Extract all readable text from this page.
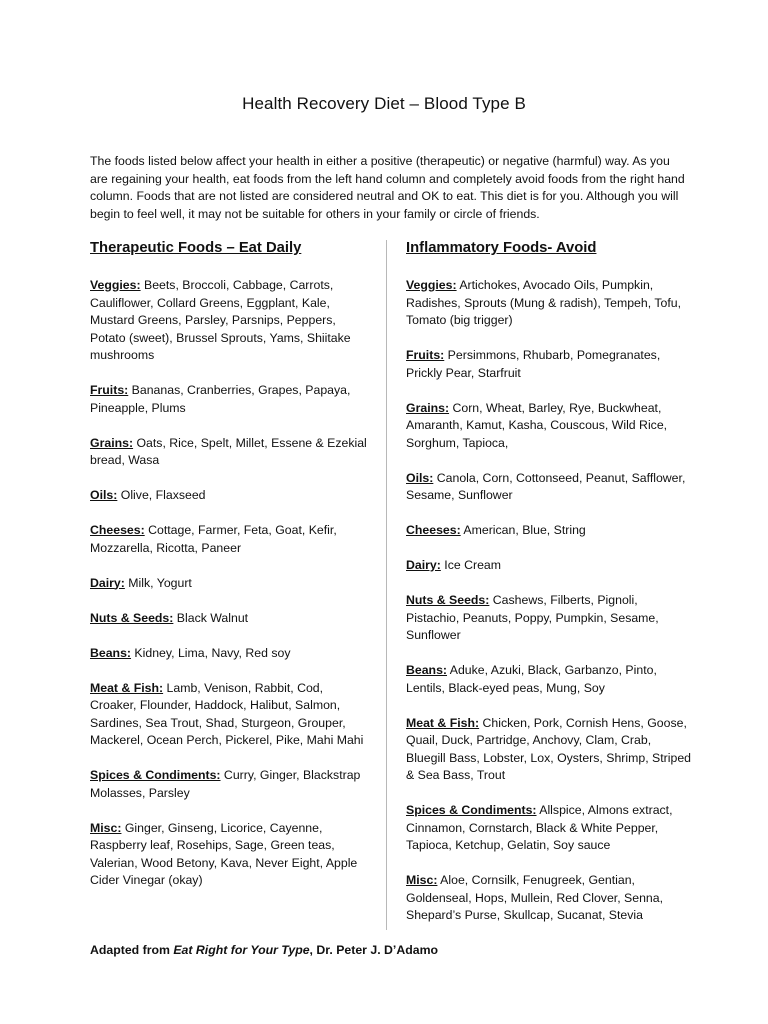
Health Recovery Diet – Blood Type B
The foods listed below affect your health in either a positive (therapeutic) or negative (harmful) way. As you are regaining your health, eat foods from the left hand column and completely avoid foods from the right hand column. Foods that are not listed are considered neutral and OK to eat. This diet is for you. Although you will begin to feel well, it may not be suitable for others in your family or circle of friends.
Therapeutic Foods – Eat Daily
Veggies: Beets, Broccoli, Cabbage, Carrots, Cauliflower, Collard Greens, Eggplant, Kale, Mustard Greens, Parsley, Parsnips, Peppers, Potato (sweet), Brussel Sprouts, Yams, Shiitake mushrooms
Fruits: Bananas, Cranberries, Grapes, Papaya, Pineapple, Plums
Grains: Oats, Rice, Spelt, Millet, Essene & Ezekial bread, Wasa
Oils: Olive, Flaxseed
Cheeses: Cottage, Farmer, Feta, Goat, Kefir, Mozzarella, Ricotta, Paneer
Dairy: Milk, Yogurt
Nuts & Seeds: Black Walnut
Beans: Kidney, Lima, Navy, Red soy
Meat & Fish: Lamb, Venison, Rabbit, Cod, Croaker, Flounder, Haddock, Halibut, Salmon, Sardines, Sea Trout, Shad, Sturgeon, Grouper, Mackerel, Ocean Perch, Pickerel, Pike, Mahi Mahi
Spices & Condiments: Curry, Ginger, Blackstrap Molasses, Parsley
Misc: Ginger, Ginseng, Licorice, Cayenne, Raspberry leaf, Rosehips, Sage, Green teas, Valerian, Wood Betony, Kava, Never Eight, Apple Cider Vinegar (okay)
Inflammatory Foods- Avoid
Veggies: Artichokes, Avocado Oils, Pumpkin, Radishes, Sprouts (Mung & radish), Tempeh, Tofu, Tomato (big trigger)
Fruits: Persimmons, Rhubarb, Pomegranates, Prickly Pear, Starfruit
Grains: Corn, Wheat, Barley, Rye, Buckwheat, Amaranth, Kamut, Kasha, Couscous, Wild Rice, Sorghum, Tapioca,
Oils: Canola, Corn, Cottonseed, Peanut, Safflower, Sesame, Sunflower
Cheeses: American, Blue, String
Dairy: Ice Cream
Nuts & Seeds: Cashews, Filberts, Pignoli, Pistachio, Peanuts, Poppy, Pumpkin, Sesame, Sunflower
Beans: Aduke, Azuki, Black, Garbanzo, Pinto, Lentils, Black-eyed peas, Mung, Soy
Meat & Fish: Chicken, Pork, Cornish Hens, Goose, Quail, Duck, Partridge, Anchovy, Clam, Crab, Bluegill Bass, Lobster, Lox, Oysters, Shrimp, Striped & Sea Bass, Trout
Spices & Condiments: Allspice, Almons extract, Cinnamon, Cornstarch, Black & White Pepper, Tapioca, Ketchup, Gelatin, Soy sauce
Misc: Aloe, Cornsilk, Fenugreek, Gentian, Goldenseal, Hops, Mullein, Red Clover, Senna, Shepard’s Purse, Skullcap, Sucanat, Stevia
Adapted from Eat Right for Your Type, Dr. Peter J. D’Adamo
